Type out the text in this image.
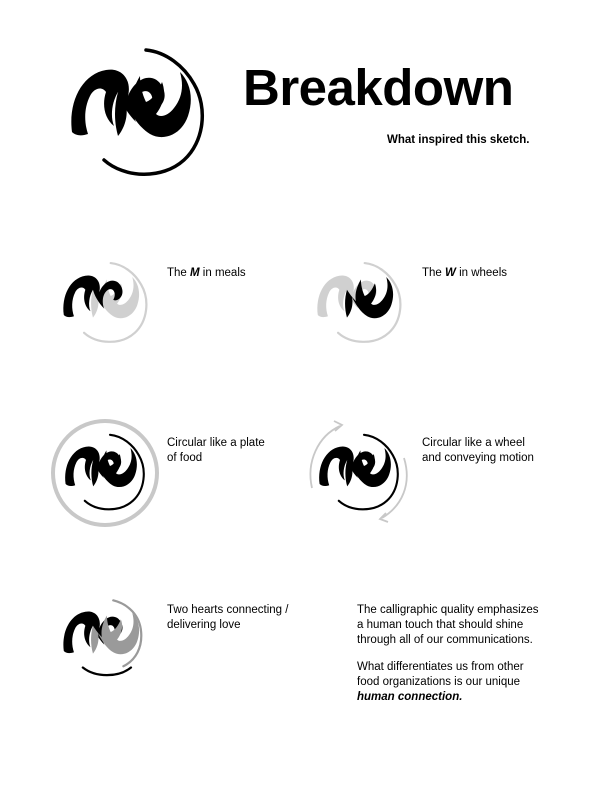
Breakdown
What inspired this sketch.
The M in meals	The W in wheels
Circular like a plate
of food
Circular like a wheel
and conveying motion
Two hearts connecting /
delivering love
The calligraphic quality emphasizes
a human touch that should shine
through all of our communications.
What differentiates us from other
food organizations is our unique
human connection.
